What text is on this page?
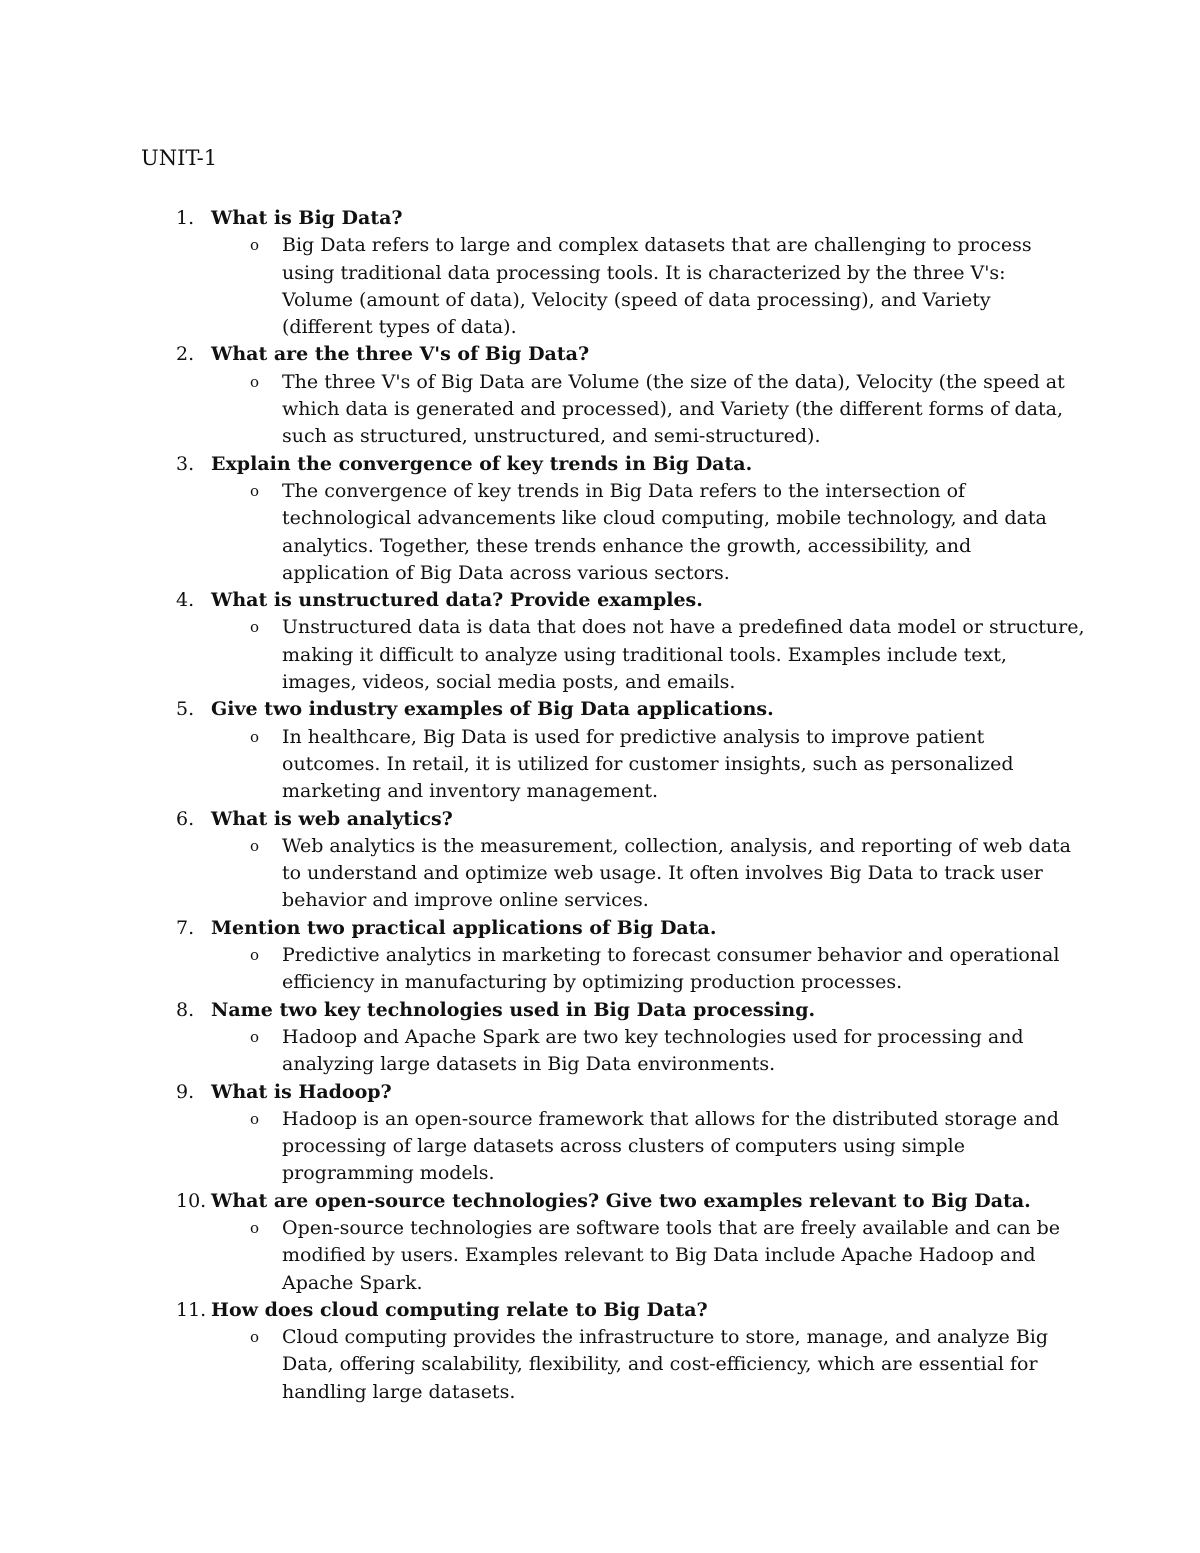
UNIT-1
1. What is Big Data?
o Big Data refers to large and complex datasets that are challenging to process
using traditional data processing tools. It is characterized by the three V's:
Volume (amount of data), Velocity (speed of data processing), and Variety
(different types of data).
2. What are the three V's of Big Data?
o The three V's of Big Data are Volume (the size of the data), Velocity (the speed at
which data is generated and processed), and Variety (the different forms of data,
such as structured, unstructured, and semi-structured).
3. Explain the convergence of key trends in Big Data.
o The convergence of key trends in Big Data refers to the intersection of
technological advancements like cloud computing, mobile technology, and data
analytics. Together, these trends enhance the growth, accessibility, and
application of Big Data across various sectors.
4. What is unstructured data? Provide examples.
o Unstructured data is data that does not have a predefined data model or structure,
making it difficult to analyze using traditional tools. Examples include text,
images, videos, social media posts, and emails.
5. Give two industry examples of Big Data applications.
o In healthcare, Big Data is used for predictive analysis to improve patient
outcomes. In retail, it is utilized for customer insights, such as personalized
marketing and inventory management.
6. What is web analytics?
o Web analytics is the measurement, collection, analysis, and reporting of web data
to understand and optimize web usage. It often involves Big Data to track user
behavior and improve online services.
7. Mention two practical applications of Big Data.
o Predictive analytics in marketing to forecast consumer behavior and operational
efficiency in manufacturing by optimizing production processes.
8. Name two key technologies used in Big Data processing.
o Hadoop and Apache Spark are two key technologies used for processing and
analyzing large datasets in Big Data environments.
9. What is Hadoop?
o Hadoop is an open-source framework that allows for the distributed storage and
processing of large datasets across clusters of computers using simple
programming models.
10. What are open-source technologies? Give two examples relevant to Big Data.
o Open-source technologies are software tools that are freely available and can be
modified by users. Examples relevant to Big Data include Apache Hadoop and
Apache Spark.
11. How does cloud computing relate to Big Data?
o Cloud computing provides the infrastructure to store, manage, and analyze Big
Data, offering scalability, flexibility, and cost-efficiency, which are essential for
handling large datasets.
